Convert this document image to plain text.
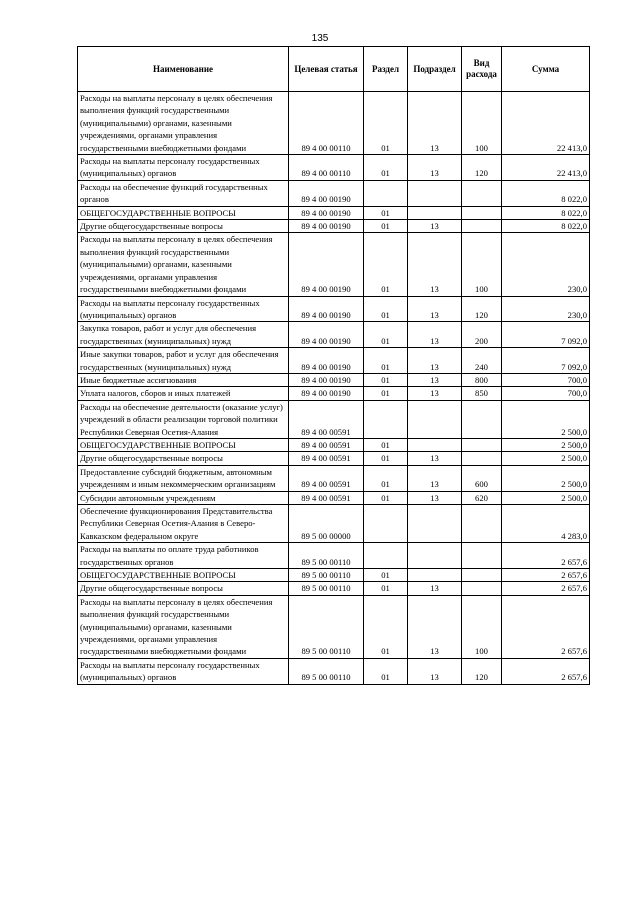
135
Наименование	Целевая статья	Раздел	Подраздел	Вид расхода	Сумма
Расходы на выплаты персоналу в целях обеспечения выполнения функций государственными (муниципальными) органами, казенными учреждениями, органами управления государственными внебюджетными фондами	89 4 00 00110	01	13	100	22 413,0
Расходы на выплаты персоналу государственных (муниципальных) органов	89 4 00 00110	01	13	120	22 413,0
Расходы на обеспечение функций государственных органов	89 4 00 00190				8 022,0
ОБЩЕГОСУДАРСТВЕННЫЕ ВОПРОСЫ	89 4 00 00190	01			8 022,0
Другие общегосударственные вопросы	89 4 00 00190	01	13		8 022,0
Расходы на выплаты персоналу в целях обеспечения выполнения функций государственными (муниципальными) органами, казенными учреждениями, органами управления государственными внебюджетными фондами	89 4 00 00190	01	13	100	230,0
Расходы на выплаты персоналу государственных (муниципальных) органов	89 4 00 00190	01	13	120	230,0
Закупка товаров, работ и услуг для обеспечения государственных (муниципальных) нужд	89 4 00 00190	01	13	200	7 092,0
Иные закупки товаров, работ и услуг для обеспечения государственных (муниципальных) нужд	89 4 00 00190	01	13	240	7 092,0
Иные бюджетные ассигнования	89 4 00 00190	01	13	800	700,0
Уплата налогов, сборов и иных платежей	89 4 00 00190	01	13	850	700,0
Расходы на обеспечение деятельности (оказание услуг) учреждений в области реализации торговой политики Республики Северная Осетия-Алания	89 4 00 00591				2 500,0
ОБЩЕГОСУДАРСТВЕННЫЕ ВОПРОСЫ	89 4 00 00591	01			2 500,0
Другие общегосударственные вопросы	89 4 00 00591	01	13		2 500,0
Предоставление субсидий бюджетным, автономным учреждениям и иным некоммерческим организациям	89 4 00 00591	01	13	600	2 500,0
Субсидии автономным учреждениям	89 4 00 00591	01	13	620	2 500,0
Обеспечение функционирования Представительства Республики Северная Осетия-Алания в Северо-Кавказском федеральном округе	89 5 00 00000				4 283,0
Расходы на выплаты по оплате труда работников государственных органов	89 5 00 00110				2 657,6
ОБЩЕГОСУДАРСТВЕННЫЕ ВОПРОСЫ	89 5 00 00110	01			2 657,6
Другие общегосударственные вопросы	89 5 00 00110	01	13		2 657,6
Расходы на выплаты персоналу в целях обеспечения выполнения функций государственными (муниципальными) органами, казенными учреждениями, органами управления государственными внебюджетными фондами	89 5 00 00110	01	13	100	2 657,6
Расходы на выплаты персоналу государственных (муниципальных) органов	89 5 00 00110	01	13	120	2 657,6
